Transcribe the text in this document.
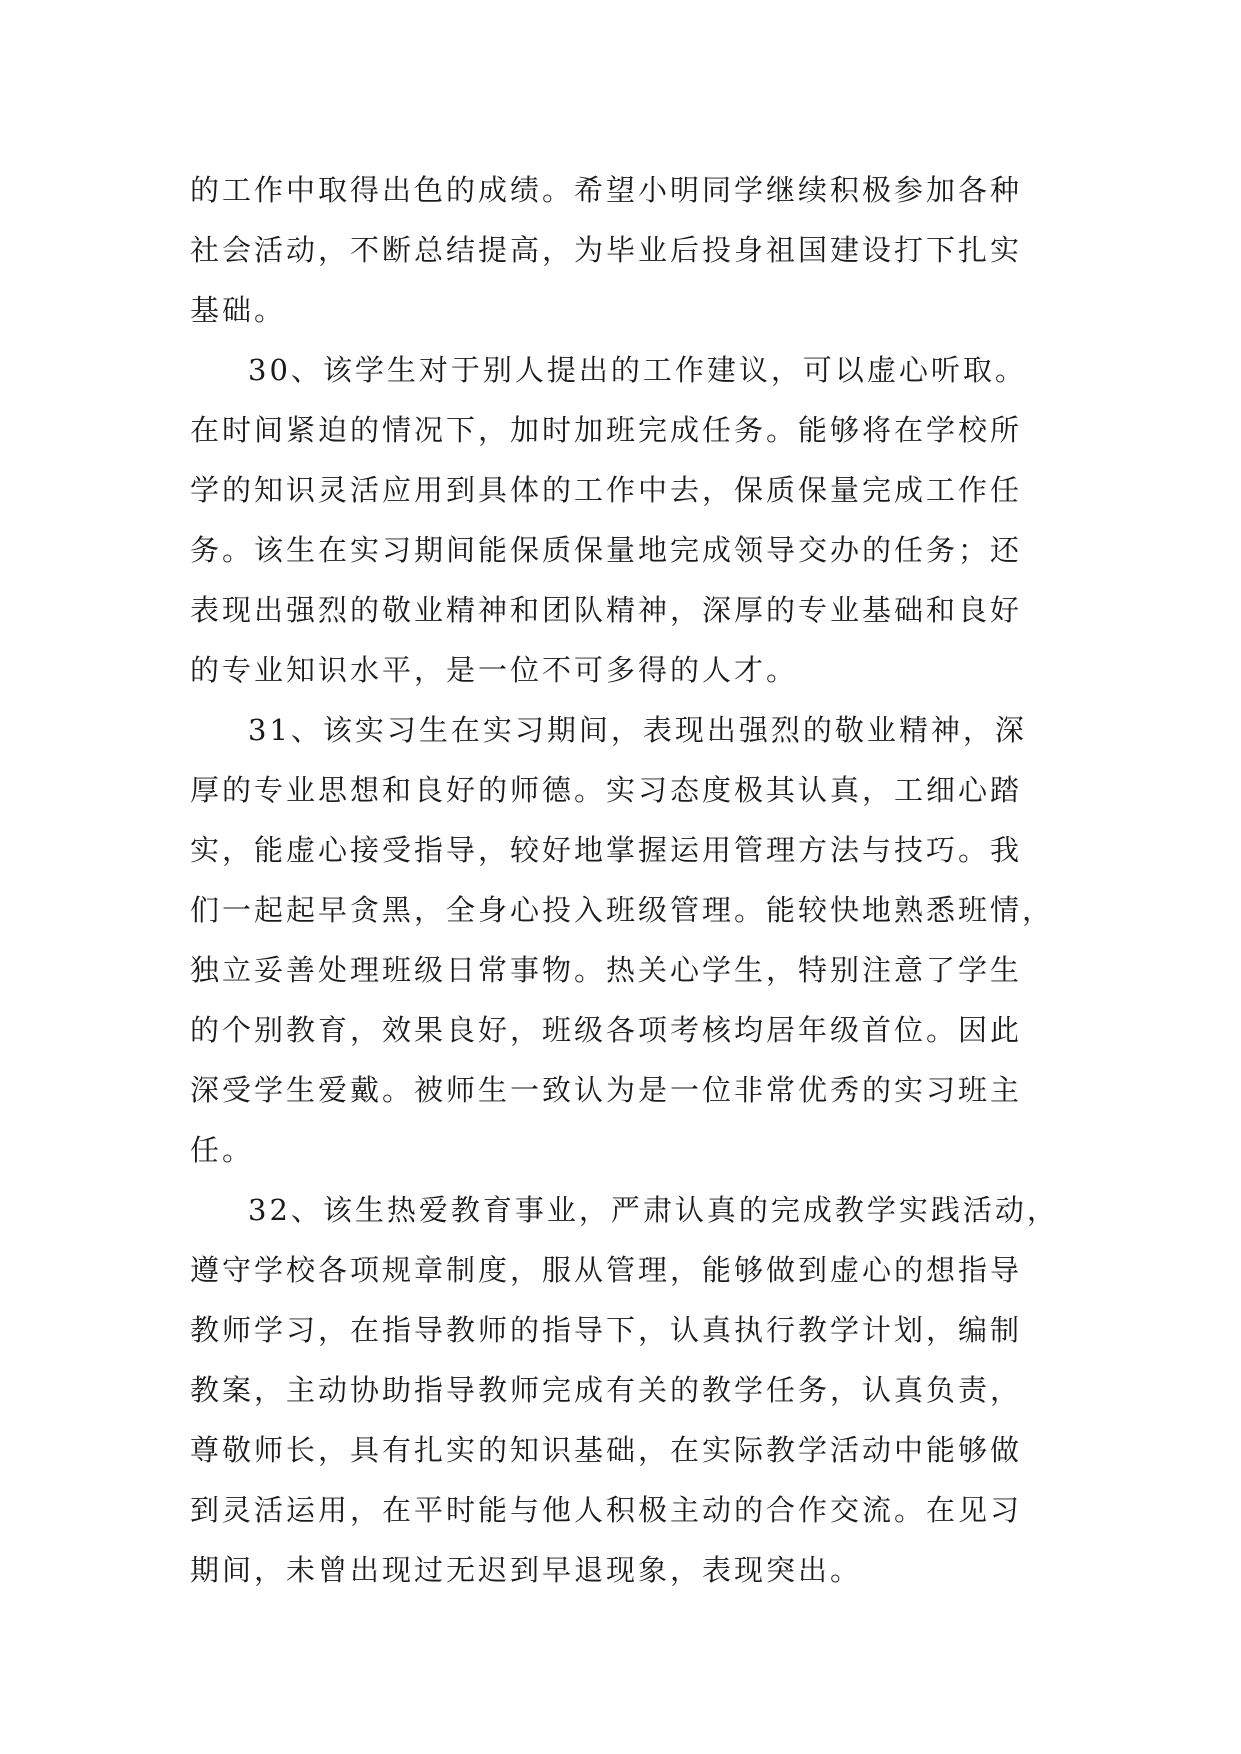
的工作中取得出色的成绩。希望小明同学继续积极参加各种
社会活动，不断总结提高，为毕业后投身祖国建设打下扎实
基础。
30、该学生对于别人提出的工作建议，可以虚心听取。
在时间紧迫的情况下，加时加班完成任务。能够将在学校所
学的知识灵活应用到具体的工作中去，保质保量完成工作任
务。该生在实习期间能保质保量地完成领导交办的任务；还
表现出强烈的敬业精神和团队精神，深厚的专业基础和良好
的专业知识水平，是一位不可多得的人才。
31、该实习生在实习期间，表现出强烈的敬业精神，深
厚的专业思想和良好的师德。实习态度极其认真，工细心踏
实，能虚心接受指导，较好地掌握运用管理方法与技巧。我
们一起起早贪黑，全身心投入班级管理。能较快地熟悉班情，
独立妥善处理班级日常事物。热关心学生，特别注意了学生
的个别教育，效果良好，班级各项考核均居年级首位。因此
深受学生爱戴。被师生一致认为是一位非常优秀的实习班主
任。
32、该生热爱教育事业，严肃认真的完成教学实践活动，
遵守学校各项规章制度，服从管理，能够做到虚心的想指导
教师学习，在指导教师的指导下，认真执行教学计划，编制
教案，主动协助指导教师完成有关的教学任务，认真负责，
尊敬师长，具有扎实的知识基础，在实际教学活动中能够做
到灵活运用，在平时能与他人积极主动的合作交流。在见习
期间，未曾出现过无迟到早退现象，表现突出。
